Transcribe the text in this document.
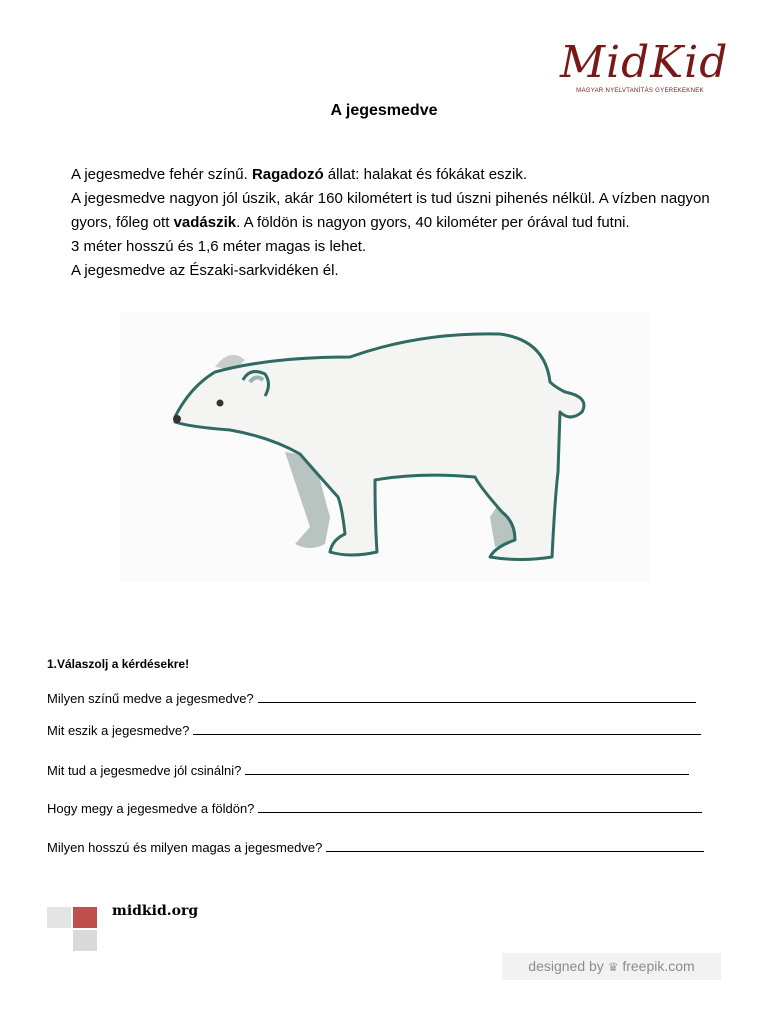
MidKid
MAGYAR NYELVTANÍTÁS GYEREKEKNEK
A jegesmedve

A jegesmedve fehér színű. Ragadozó állat: halakat és fókákat eszik.

A jegesmedve nagyon jól úszik, akár 160 kilométert is tud úszni pihenés nélkül. A vízben nagyon gyors, főleg ott vadászik. A földön is nagyon gyors, 40 kilométer per órával tud futni.

3 méter hosszú és 1,6 méter magas is lehet.

A jegesmedve az Északi-sarkvidéken él.

1.Válaszolj a kérdésekre!
Milyen színű medve a jegesmedve?
Mit eszik a jegesmedve?
Mit tud a jegesmedve jól csinálni?
Hogy megy a jegesmedve a földön?
Milyen hosszú és milyen magas a jegesmedve?
midkid.org
designed by ♛ freepik.com
